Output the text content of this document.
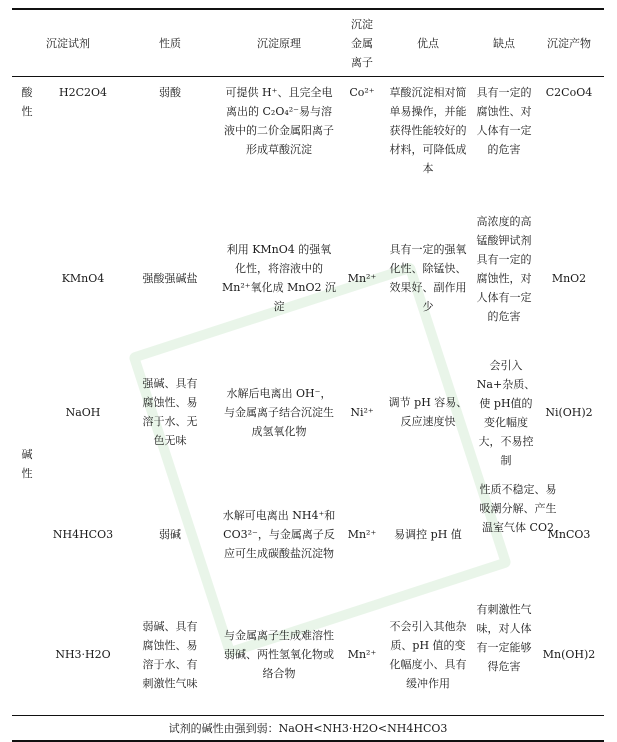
沉淀试剂		性质	沉淀原理	沉淀金属离子	优点	缺点	沉淀产物

酸性	H2C2O4	弱酸	可提供 H⁺、且完全电离出的 C₂O₄²⁻易与溶液中的二价金属阳离子形成草酸沉淀	Co²⁺	草酸沉淀相对简单易操作，并能获得性能较好的材料，可降低成本	具有一定的腐蚀性、对人体有一定的危害	C2CoO4

碱性	KMnO4	强酸强碱盐	利用 KMnO4 的强氧化性，将溶液中的 Mn²⁺氧化成 MnO2 沉淀	Mn²⁺	具有一定的强氧化性、除锰快、效果好、副作用少	高浓度的高锰酸钾试剂具有一定的腐蚀性，对人体有一定的危害	MnO2
	NaOH	强碱、具有腐蚀性、易溶于水、无色无味	水解后电离出 OH⁻，与金属离子结合沉淀生成氢氧化物	Ni²⁺	调节 pH 容易、反应速度快	会引入 Na+杂质、使 pH值的变化幅度大，不易控制	Ni(OH)2
	NH4HCO3	弱碱	水解可电离出 NH4⁺和 CO3²⁻，与金属离子反应可生成碳酸盐沉淀物	Mn²⁺	易调控 pH 值	性质不稳定、易吸潮分解、产生温室气体 CO2	MnCO3
	NH3·H2O	弱碱、具有腐蚀性、易溶于水、有刺激性气味	与金属离子生成难溶性弱碱、两性氢氧化物或络合物	Mn²⁺	不会引入其他杂质、pH 值的变化幅度小、具有缓冲作用	有刺激性气味，对人体有一定能够得危害	Mn(OH)2
试剂的碱性由强到弱：NaOH<NH3·H2O<NH4HCO3							
